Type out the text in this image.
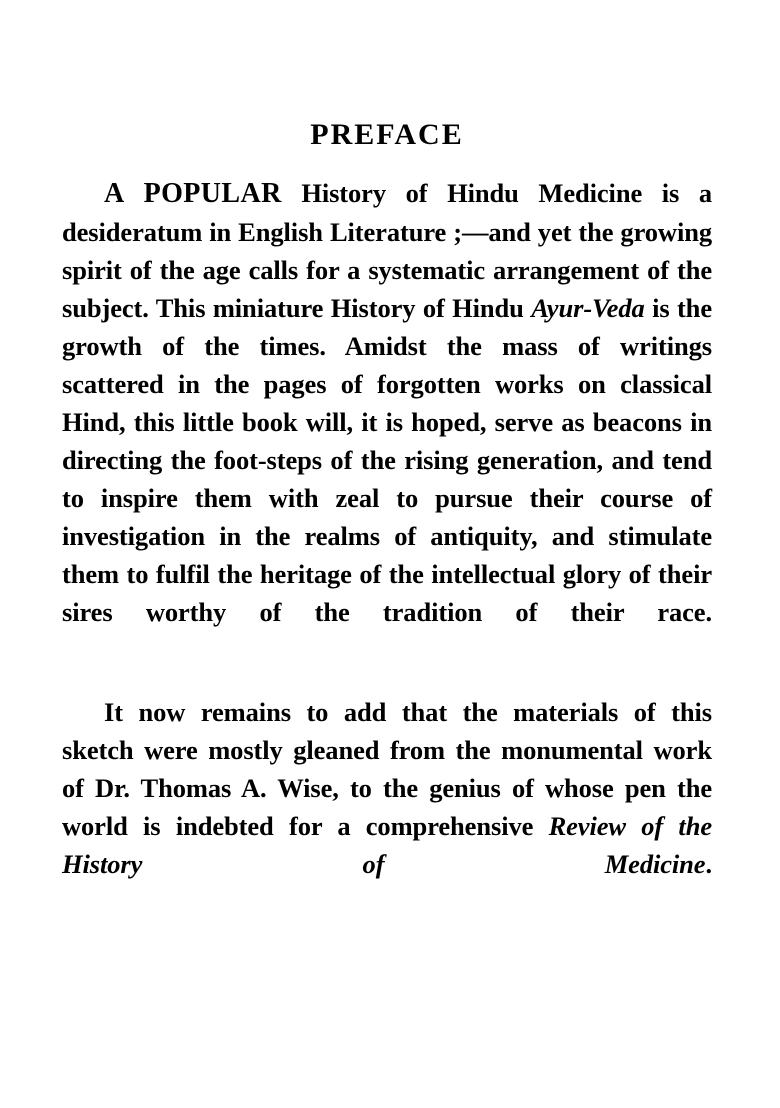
PREFACE

A POPULAR History of Hindu Medicine is a desideratum in English Literature ;—and yet the growing spirit of the age calls for a systematic arrangement of the subject. This miniature History of Hindu Ayur-Veda is the growth of the times. Amidst the mass of writings scattered in the pages of forgotten works on classical Hind, this little book will, it is hoped, serve as beacons in directing the foot-steps of the rising generation, and tend to inspire them with zeal to pursue their course of investigation in the realms of antiquity, and stimulate them to fulfil the heritage of the intellectual glory of their sires worthy of the tradition of their race.

It now remains to add that the materials of this sketch were mostly gleaned from the monumental work of Dr. Thomas A. Wise, to the genius of whose pen the world is indebted for a comprehensive Review of the History of Medicine.
